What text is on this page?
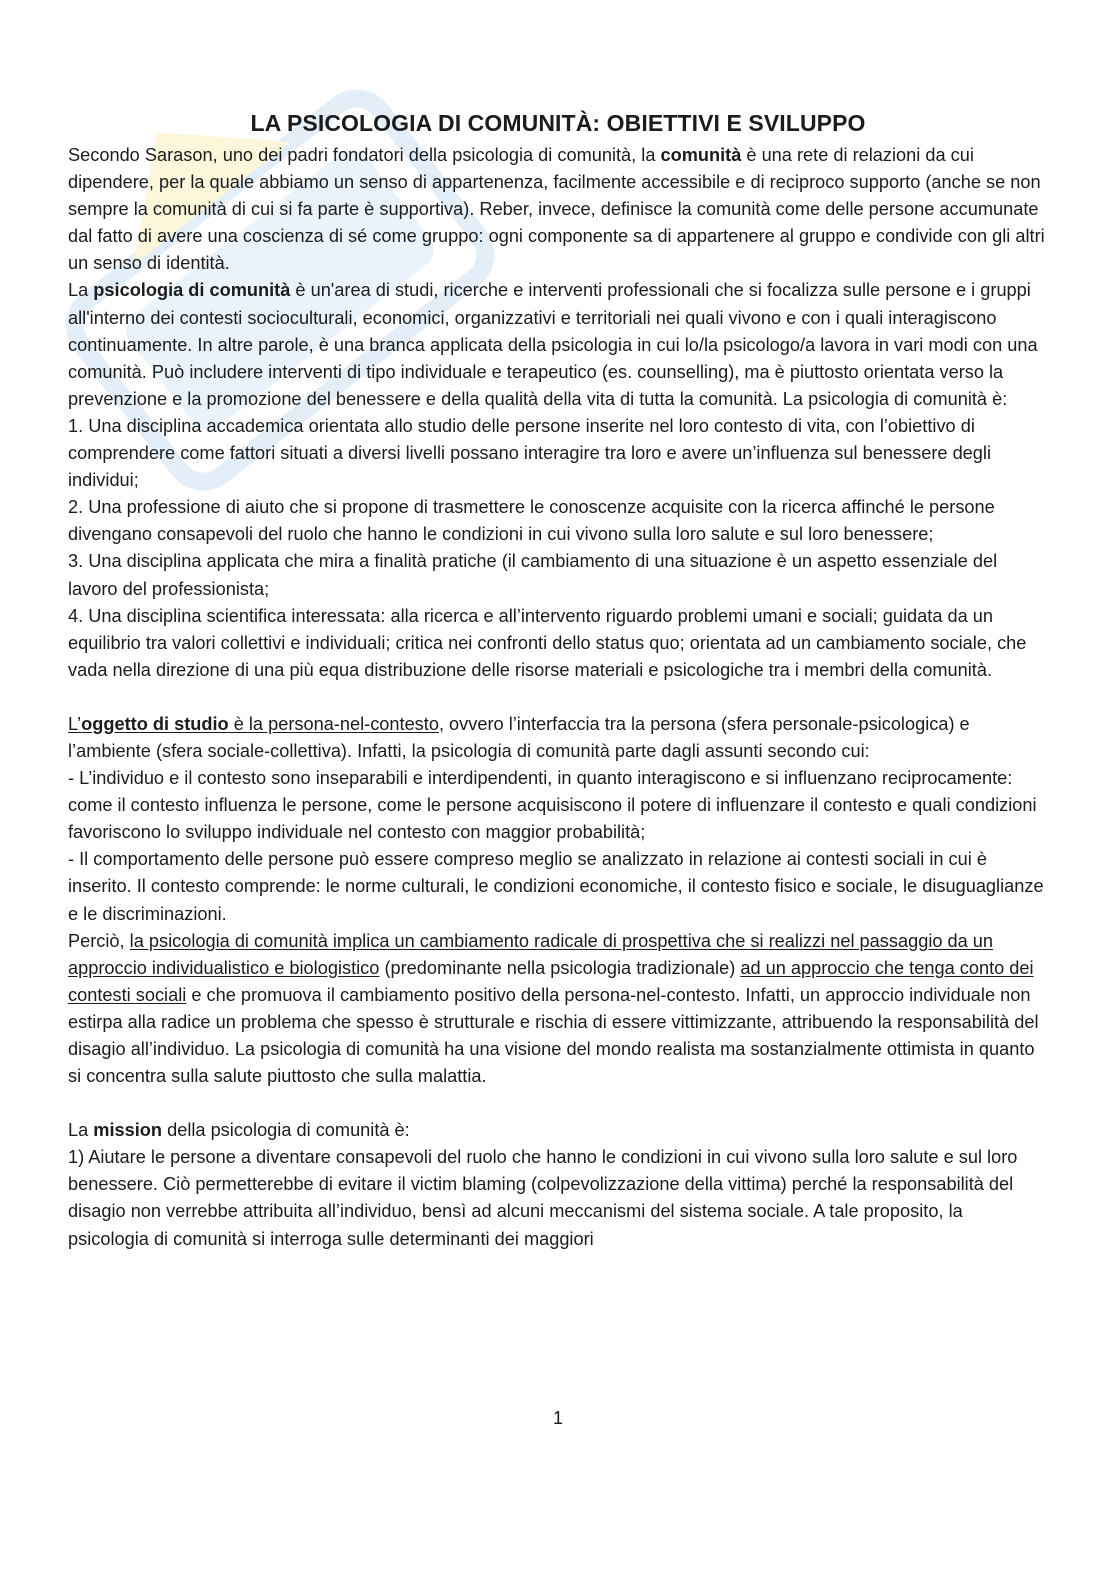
LA PSICOLOGIA DI COMUNITÀ: OBIETTIVI E SVILUPPO

Secondo Sarason, uno dei padri fondatori della psicologia di comunità, la comunità è una rete di relazioni da cui dipendere, per la quale abbiamo un senso di appartenenza, facilmente accessibile e di reciproco supporto (anche se non sempre la comunità di cui si fa parte è supportiva). Reber, invece, definisce la comunità come delle persone accumunate dal fatto di avere una coscienza di sé come gruppo: ogni componente sa di appartenere al gruppo e condivide con gli altri un senso di identità.

La psicologia di comunità è un'area di studi, ricerche e interventi professionali che si focalizza sulle persone e i gruppi all'interno dei contesti socioculturali, economici, organizzativi e territoriali nei quali vivono e con i quali interagiscono continuamente. In altre parole, è una branca applicata della psicologia in cui lo/la psicologo/a lavora in vari modi con una comunità. Può includere interventi di tipo individuale e terapeutico (es. counselling), ma è piuttosto orientata verso la prevenzione e la promozione del benessere e della qualità della vita di tutta la comunità. La psicologia di comunità è:

1. Una disciplina accademica orientata allo studio delle persone inserite nel loro contesto di vita, con l’obiettivo di comprendere come fattori situati a diversi livelli possano interagire tra loro e avere un’influenza sul benessere degli individui;

2. Una professione di aiuto che si propone di trasmettere le conoscenze acquisite con la ricerca affinché le persone divengano consapevoli del ruolo che hanno le condizioni in cui vivono sulla loro salute e sul loro benessere;

3. Una disciplina applicata che mira a finalità pratiche (il cambiamento di una situazione è un aspetto essenziale del lavoro del professionista;

4. Una disciplina scientifica interessata: alla ricerca e all’intervento riguardo problemi umani e sociali; guidata da un equilibrio tra valori collettivi e individuali; critica nei confronti dello status quo; orientata ad un cambiamento sociale, che vada nella direzione di una più equa distribuzione delle risorse materiali e psicologiche tra i membri della comunità.

L’oggetto di studio è la persona-nel-contesto, ovvero l’interfaccia tra la persona (sfera personale-psicologica) e l’ambiente (sfera sociale-collettiva). Infatti, la psicologia di comunità parte dagli assunti secondo cui:

- L’individuo e il contesto sono inseparabili e interdipendenti, in quanto interagiscono e si influenzano reciprocamente: come il contesto influenza le persone, come le persone acquisiscono il potere di influenzare il contesto e quali condizioni favoriscono lo sviluppo individuale nel contesto con maggior probabilità;

- Il comportamento delle persone può essere compreso meglio se analizzato in relazione ai contesti sociali in cui è inserito. Il contesto comprende: le norme culturali, le condizioni economiche, il contesto fisico e sociale, le disuguaglianze e le discriminazioni.

Perciò, la psicologia di comunità implica un cambiamento radicale di prospettiva che si realizzi nel passaggio da un approccio individualistico e biologistico (predominante nella psicologia tradizionale) ad un approccio che tenga conto dei contesti sociali e che promuova il cambiamento positivo della persona-nel-contesto. Infatti, un approccio individuale non estirpa alla radice un problema che spesso è strutturale e rischia di essere vittimizzante, attribuendo la responsabilità del disagio all’individuo. La psicologia di comunità ha una visione del mondo realista ma sostanzialmente ottimista in quanto si concentra sulla salute piuttosto che sulla malattia.

La mission della psicologia di comunità è:

1) Aiutare le persone a diventare consapevoli del ruolo che hanno le condizioni in cui vivono sulla loro salute e sul loro benessere. Ciò permetterebbe di evitare il victim blaming (colpevolizzazione della vittima) perché la responsabilità del disagio non verrebbe attribuita all’individuo, bensì ad alcuni meccanismi del sistema sociale. A tale proposito, la psicologia di comunità si interroga sulle determinanti dei maggiori

1
